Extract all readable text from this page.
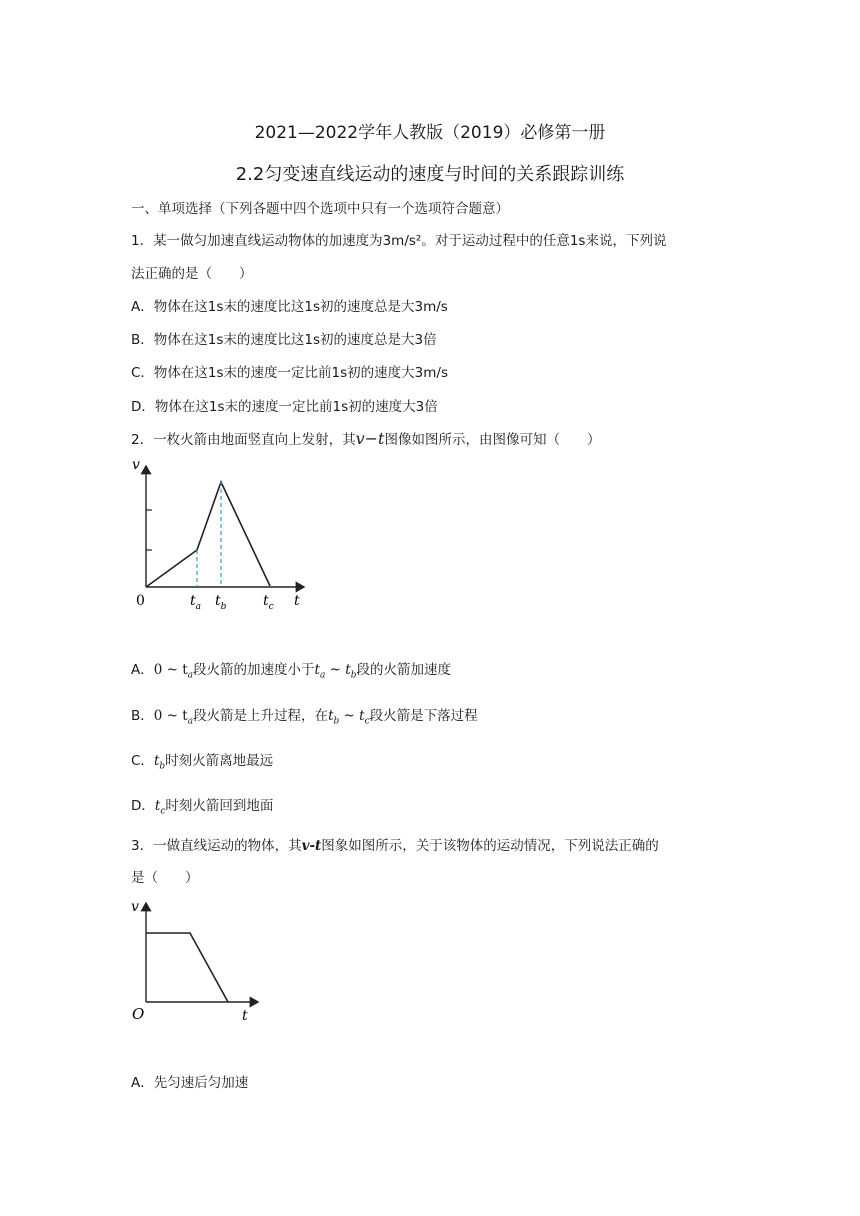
2021—2022学年人教版（2019）必修第一册
2.2匀变速直线运动的速度与时间的关系跟踪训练
一、单项选择（下列各题中四个选项中只有一个选项符合题意）
1．某一做匀加速直线运动物体的加速度为3m/s²。对于运动过程中的任意1s来说，下列说
法正确的是（　　）
A．物体在这1s末的速度比这1s初的速度总是大3m/s
B．物体在这1s末的速度比这1s初的速度总是大3倍
C．物体在这1s末的速度一定比前1s初的速度大3m/s
D．物体在这1s末的速度一定比前1s初的速度大3倍
2．一枚火箭由地面竖直向上发射，其v−t图像如图所示，由图像可知（　　）
v
0	t
$t_a$ $t_b$	$t_c$
A．0 ~ $t_a$段火箭的加速度小于$t_a$ ~ $t_b$段的火箭加速度
B．0 ~ $t_a$段火箭是上升过程，在$t_b$ ~ $t_c$段火箭是下落过程
C．$t_b$时刻火箭离地最远
D．$t_c$时刻火箭回到地面
3．一做直线运动的物体，其v-t图象如图所示，关于该物体的运动情况，下列说法正确的
是（　　）
v
O	t
A．先匀速后匀加速
